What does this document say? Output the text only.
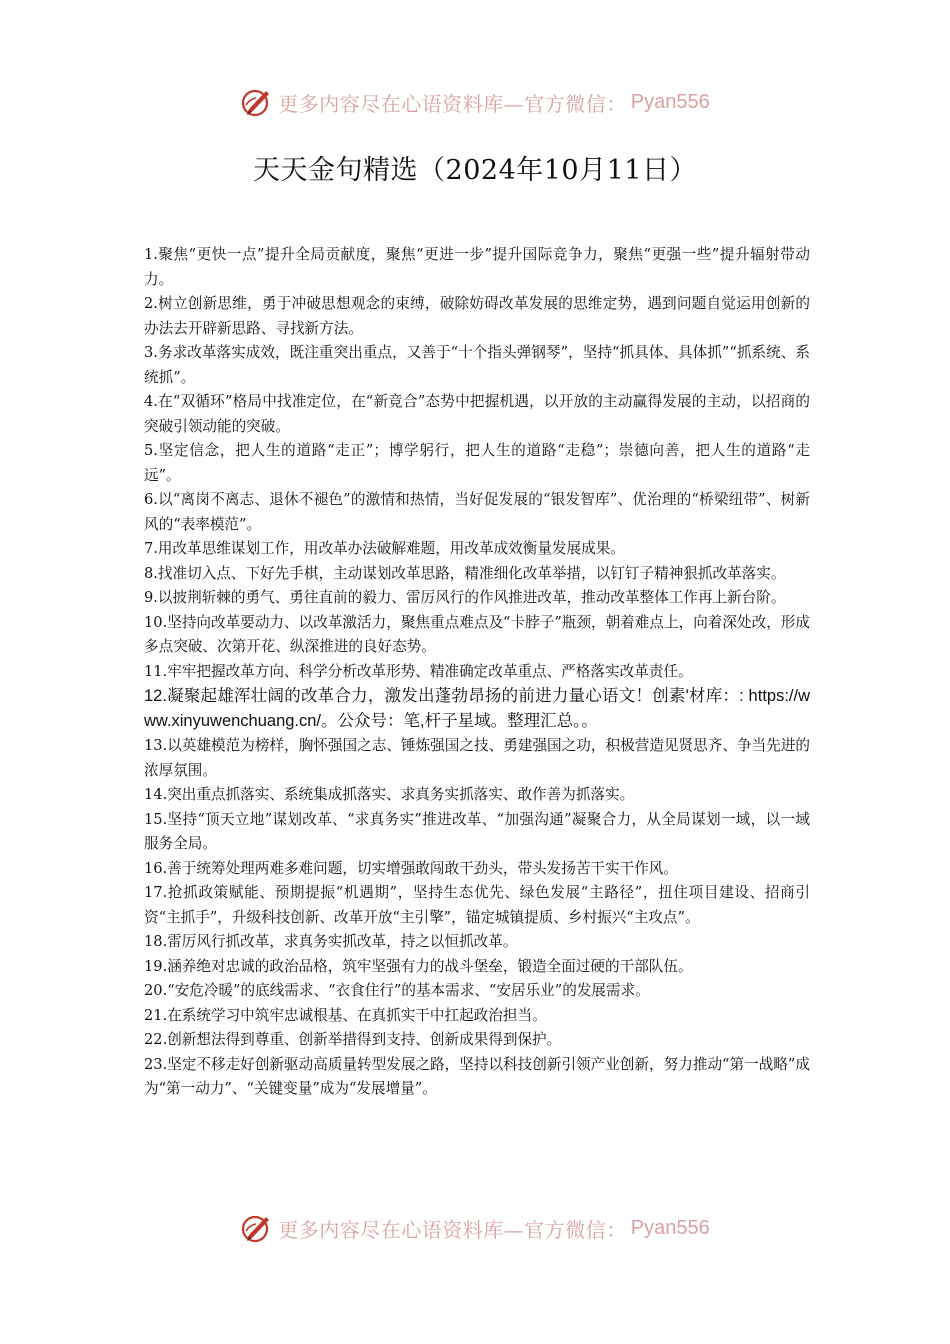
更多内容尽在心语资料库—官方微信： Pyan556
天天金句精选（2024年10月11日）

1.聚焦“更快一点”提升全局贡献度，聚焦“更进一步”提升国际竞争力，聚焦“更强一些”提升辐射带动力。

2.树立创新思维，勇于冲破思想观念的束缚，破除妨碍改革发展的思维定势，遇到问题自觉运用创新的办法去开辟新思路、寻找新方法。

3.务求改革落实成效，既注重突出重点，又善于“十个指头弹钢琴”，坚持“抓具体、具体抓”“抓系统、系统抓”。

4.在“双循环”格局中找准定位，在“新竞合”态势中把握机遇，以开放的主动赢得发展的主动，以招商的突破引领动能的突破。

5.坚定信念，把人生的道路“走正”；博学躬行，把人生的道路“走稳”；崇德向善，把人生的道路“走远”。

6.以“离岗不离志、退休不褪色”的激情和热情，当好促发展的“银发智库”、优治理的“桥梁纽带”、树新风的“表率模范”。

7.用改革思维谋划工作，用改革办法破解难题，用改革成效衡量发展成果。

8.找准切入点、下好先手棋，主动谋划改革思路，精准细化改革举措，以钉钉子精神狠抓改革落实。

9.以披荆斩棘的勇气、勇往直前的毅力、雷厉风行的作风推进改革，推动改革整体工作再上新台阶。

10.坚持向改革要动力、以改革激活力，聚焦重点难点及“卡脖子”瓶颈，朝着难点上，向着深处改，形成多点突破、次第开花、纵深推进的良好态势。

11.牢牢把握改革方向、科学分析改革形势、精准确定改革重点、严格落实改革责任。

12.凝聚起雄浑壮阔的改革合力，激发出蓬勃昂扬的前进力量心语文！创素'材库：: https://www.xinyuwenchuang.cn/。公众号：笔,杆子星域。整理汇总。。

13.以英雄模范为榜样，胸怀强国之志、锤炼强国之技、勇建强国之功，积极营造见贤思齐、争当先进的浓厚氛围。

14.突出重点抓落实、系统集成抓落实、求真务实抓落实、敢作善为抓落实。

15.坚持“顶天立地”谋划改革、“求真务实”推进改革、“加强沟通”凝聚合力，从全局谋划一域，以一域服务全局。

16.善于统筹处理两难多难问题，切实增强敢闯敢干劲头，带头发扬苦干实干作风。

17.抢抓政策赋能、预期提振“机遇期”，坚持生态优先、绿色发展“主路径”，扭住项目建设、招商引资“主抓手”，升级科技创新、改革开放“主引擎”，锚定城镇提质、乡村振兴“主攻点”。

18.雷厉风行抓改革，求真务实抓改革，持之以恒抓改革。

19.涵养绝对忠诚的政治品格，筑牢坚强有力的战斗堡垒，锻造全面过硬的干部队伍。

20.“安危冷暖”的底线需求、“衣食住行”的基本需求、“安居乐业”的发展需求。

21.在系统学习中筑牢忠诚根基、在真抓实干中扛起政治担当。

22.创新想法得到尊重、创新举措得到支持、创新成果得到保护。

23.坚定不移走好创新驱动高质量转型发展之路，坚持以科技创新引领产业创新，努力推动“第一战略”成为“第一动力”、“关键变量”成为“发展增量”。

更多内容尽在心语资料库—官方微信： Pyan556
